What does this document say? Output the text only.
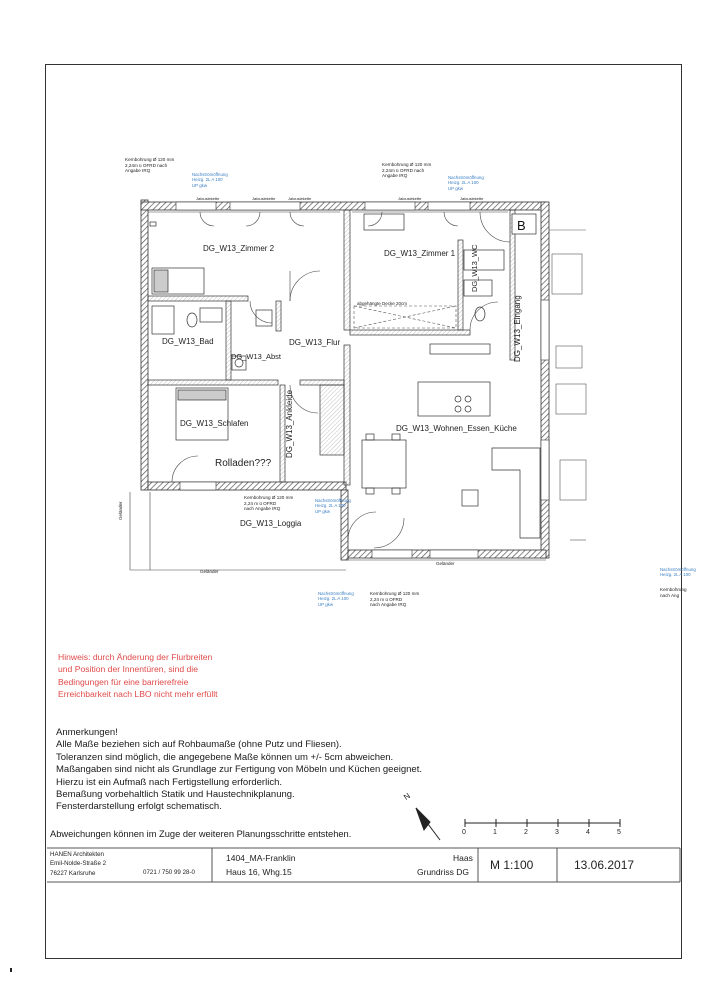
B
DG_W13_Zimmer 2
DG_W13_Zimmer 1
DG_W13_Bad
DG_W13_Abst
DG_W13_Flur
DG_W13_WC
DG_W13_Eingang
DG_W13_Schlafen	DG_W13_Ankleide	DG_W13_Wohnen_Essen_Küche
DG_W13_Loggia
Rolladen???
Jalousiekette	Jalousiekette	Jalousiekette	Jalousiekette	Jalousiekette
Geländer
Geländer
Geländer
abgehängte Decke 20cm
Kernbohrung Ø 120 mm
2,24m ü OFRD nach
Angabe IRQ
Kernbohrung Ø 120 mm
2,24m ü OFRD nach
Angabe IRQ
Kernbohrung Ø 120 mm
2,24 m ü OFRD
nach Angabe IRQ
Kernbohrung Ø 120 mm
2,24 m ü OFRD
nach Angabe IRQ
Kernbohrung
nach Ang
Nachströmöffnung
Heizg. 2L A 100
UP gkw
Nachströmöffnung
Heizg. 2L A 100
UP gkw
Nachströmöffnung
Heizg. 2L A 100
UP gkw
Nachströmöffnung
Heizg. 2L A 100
UP gkw
Nachströmöffnung
Heizg. 2L A 100
Hinweis: durch Änderung der Flurbreiten
und Position der Innentüren, sind die
Bedingungen für eine barrierefreie
Erreichbarkeit nach LBO nicht mehr erfüllt
Anmerkungen!
Alle Maße beziehen sich auf Rohbaumaße (ohne Putz und Fliesen).
Toleranzen sind möglich, die angegebene Maße können um +/- 5cm abweichen.
Maßangaben sind nicht als Grundlage zur Fertigung von Möbeln und Küchen geeignet.
Hierzu ist ein Aufmaß nach Fertigstellung erforderlich.
Bemaßung vorbehaltlich Statik und Haustechnikplanung.
Fensterdarstellung erfolgt schematisch.
Abweichungen können im Zuge der weiteren Planungsschritte entstehen.
N
0	1	2	3	4	5
HANEN Architekten
Emil-Nolde-Straße 2
76227 Karlsruhe	0721 / 750 99 28-0
1404_MA-Franklin	Haas
Haus 16, Whg.15	Grundriss DG M 1:100	13.06.2017
